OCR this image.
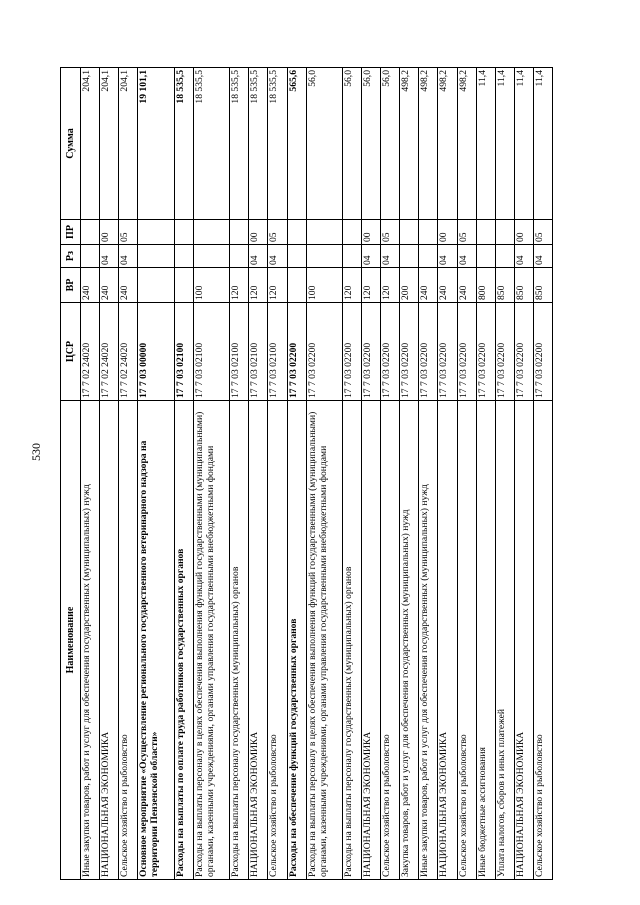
530
Наименование	ЦСР	ВР	Рз	ПР	Сумма
Иные закупки товаров, работ и услуг для обеспечения государственных (муниципальных) нужд	17 7 02 24020	240			204,1
НАЦИОНАЛЬНАЯ ЭКОНОМИКА	17 7 02 24020	240	04	00	204,1
Сельское хозяйство и рыболовство	17 7 02 24020	240	04	05	204,1
Основное мероприятие «Осуществление регионального государственного ветеринарного надзора на территории Пензенской области»	17 7 03 00000				19 101,1
Расходы на выплаты по оплате труда работников государственных органов	17 7 03 02100				18 535,5
Расходы на выплаты персоналу в целях обеспечения выполнения функций государственными (муниципальными) органами, казенными учреждениями, органами управления государственными внебюджетными фондами	17 7 03 02100	100			18 535,5
Расходы на выплаты персоналу государственных (муниципальных) органов	17 7 03 02100	120			18 535,5
НАЦИОНАЛЬНАЯ ЭКОНОМИКА	17 7 03 02100	120	04	00	18 535,5
Сельское хозяйство и рыболовство	17 7 03 02100	120	04	05	18 535,5
Расходы на обеспечение функций государственных органов	17 7 03 02200				565,6
Расходы на выплаты персоналу в целях обеспечения выполнения функций государственными (муниципальными) органами, казенными учреждениями, органами управления государственными внебюджетными фондами	17 7 03 02200	100			56,0
Расходы на выплаты персоналу государственных (муниципальных) органов	17 7 03 02200	120			56,0
НАЦИОНАЛЬНАЯ ЭКОНОМИКА	17 7 03 02200	120	04	00	56,0
Сельское хозяйство и рыболовство	17 7 03 02200	120	04	05	56,0
Закупка товаров, работ и услуг для обеспечения государственных (муниципальных) нужд	17 7 03 02200	200			498,2
Иные закупки товаров, работ и услуг для обеспечения государственных (муниципальных) нужд	17 7 03 02200	240			498,2
НАЦИОНАЛЬНАЯ ЭКОНОМИКА	17 7 03 02200	240	04	00	498,2
Сельское хозяйство и рыболовство	17 7 03 02200	240	04	05	498,2
Иные бюджетные ассигнования	17 7 03 02200	800			11,4
Уплата налогов, сборов и иных платежей	17 7 03 02200	850			11,4
НАЦИОНАЛЬНАЯ ЭКОНОМИКА	17 7 03 02200	850	04	00	11,4
Сельское хозяйство и рыболовство	17 7 03 02200	850	04	05	11,4
